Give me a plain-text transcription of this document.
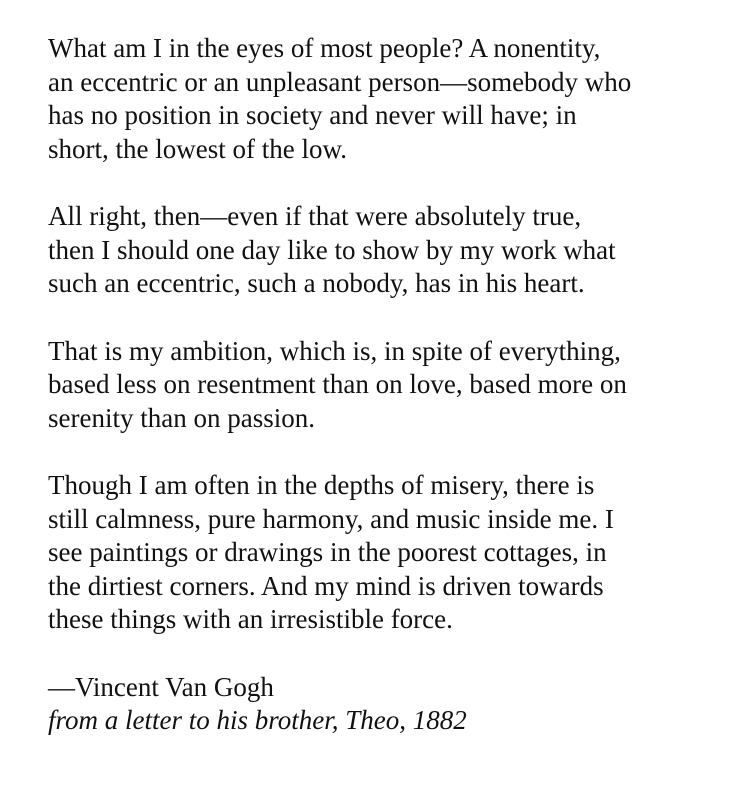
What am I in the eyes of most people? A nonentity,
an eccentric or an unpleasant person—somebody who
has no position in society and never will have; in
short, the lowest of the low.

All right, then—even if that were absolutely true,
then I should one day like to show by my work what
such an eccentric, such a nobody, has in his heart.

That is my ambition, which is, in spite of everything,
based less on resentment than on love, based more on
serenity than on passion.

Though I am often in the depths of misery, there is
still calmness, pure harmony, and music inside me. I
see paintings or drawings in the poorest cottages, in
the dirtiest corners. And my mind is driven towards
these things with an irresistible force.

—Vincent Van Gogh
from a letter to his brother, Theo, 1882
